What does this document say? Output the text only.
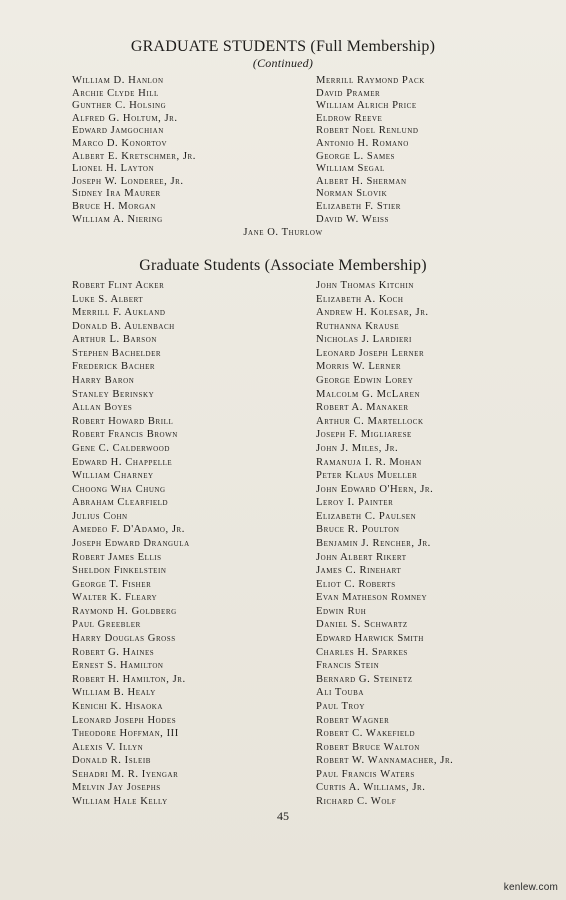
GRADUATE STUDENTS (Full Membership)
(Continued)
William D. Hanlon
Archie Clyde Hill
Gunther C. Holsing
Alfred G. Holtum, Jr.
Edward Jamgochian
Marco D. Konortov
Albert E. Kretschmer, Jr.
Lionel H. Layton
Joseph W. Londeree, Jr.
Sidney Ira Maurer
Bruce H. Morgan
William A. Niering
Merrill Raymond Pack
David Pramer
William Alrich Price
Eldrow Reeve
Robert Noel Renlund
Antonio H. Romano
George L. Sames
William Segal
Albert H. Sherman
Norman Slovik
Elizabeth F. Stier
David W. Weiss
Jane O. Thurlow
Graduate Students (Associate Membership)
Robert Flint Acker
Luke S. Albert
Merrill F. Aukland
Donald B. Aulenbach
Arthur L. Barson
Stephen Bachelder
Frederick Bacher
Harry Baron
Stanley Berinsky
Allan Boyes
Robert Howard Brill
Robert Francis Brown
Gene C. Calderwood
Edward H. Chappelle
William Charney
Choong Wha Chung
Abraham Clearfield
Julius Cohn
Amedeo F. D'Adamo, Jr.
Joseph Edward Drangula
Robert James Ellis
Sheldon Finkelstein
George T. Fisher
Walter K. Fleary
Raymond H. Goldberg
Paul Greebler
Harry Douglas Gross
Robert G. Haines
Ernest S. Hamilton
Robert H. Hamilton, Jr.
William B. Healy
Kenichi K. Hisaoka
Leonard Joseph Hodes
Theodore Hoffman, III
Alexis V. Illyn
Donald R. Isleib
Sehadri M. R. Iyengar
Melvin Jay Josephs
William Hale Kelly
John Thomas Kitchin
Elizabeth A. Koch
Andrew H. Kolesar, Jr.
Ruthanna Krause
Nicholas J. Lardieri
Leonard Joseph Lerner
Morris W. Lerner
George Edwin Lorey
Malcolm G. McLaren
Robert A. Manaker
Arthur C. Martellock
Joseph F. Migliarese
John J. Miles, Jr.
Ramanuja I. R. Mohan
Peter Klaus Mueller
John Edward O'Hern, Jr.
Leroy I. Painter
Elizabeth C. Paulsen
Bruce R. Poulton
Benjamin J. Rencher, Jr.
John Albert Rikert
James C. Rinehart
Eliot C. Roberts
Evan Matheson Romney
Edwin Ruh
Daniel S. Schwartz
Edward Harwick Smith
Charles H. Sparkes
Francis Stein
Bernard G. Steinetz
Ali Touba
Paul Troy
Robert Wagner
Robert C. Wakefield
Robert Bruce Walton
Robert W. Wannamacher, Jr.
Paul Francis Waters
Curtis A. Williams, Jr.
Richard C. Wolf
45
kenlew.com
